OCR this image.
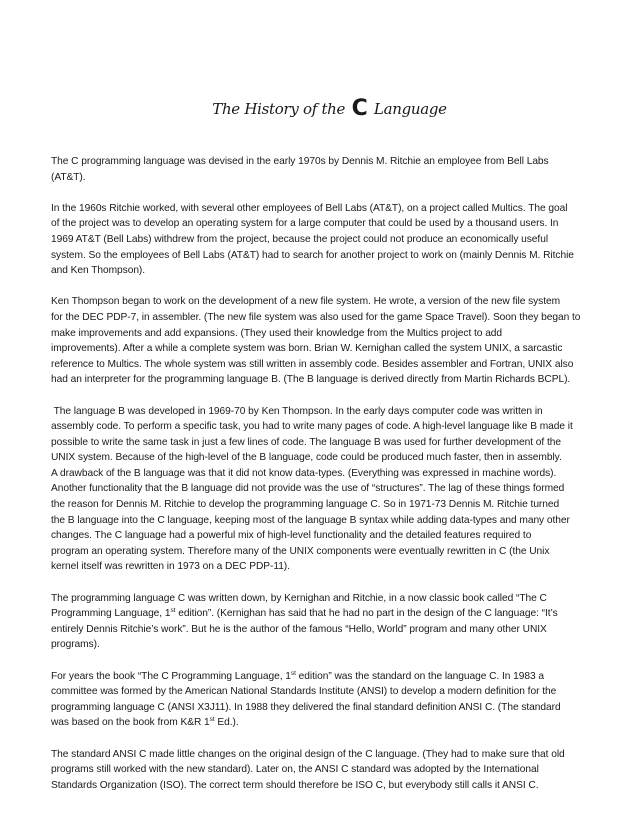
The History of the C Language
The C programming language was devised in the early 1970s by Dennis M. Ritchie an employee from Bell Labs
(AT&T).
In the 1960s Ritchie worked, with several other employees of Bell Labs (AT&T), on a project called Multics. The goal
of the project was to develop an operating system for a large computer that could be used by a thousand users. In
1969 AT&T (Bell Labs) withdrew from the project, because the project could not produce an economically useful
system. So the employees of Bell Labs (AT&T) had to search for another project to work on (mainly Dennis M. Ritchie
and Ken Thompson).
Ken Thompson began to work on the development of a new file system. He wrote, a version of the new file system
for the DEC PDP-7, in assembler. (The new file system was also used for the game Space Travel). Soon they began to
make improvements and add expansions. (They used their knowledge from the Multics project to add
improvements). After a while a complete system was born. Brian W. Kernighan called the system UNIX, a sarcastic
reference to Multics. The whole system was still written in assembly code. Besides assembler and Fortran, UNIX also
had an interpreter for the programming language B. (The B language is derived directly from Martin Richards BCPL).
The language B was developed in 1969-70 by Ken Thompson. In the early days computer code was written in
assembly code. To perform a specific task, you had to write many pages of code. A high-level language like B made it
possible to write the same task in just a few lines of code. The language B was used for further development of the
UNIX system. Because of the high-level of the B language, code could be produced much faster, then in assembly.
A drawback of the B language was that it did not know data-types. (Everything was expressed in machine words).
Another functionality that the B language did not provide was the use of “structures”. The lag of these things formed
the reason for Dennis M. Ritchie to develop the programming language C. So in 1971-73 Dennis M. Ritchie turned
the B language into the C language, keeping most of the language B syntax while adding data-types and many other
changes. The C language had a powerful mix of high-level functionality and the detailed features required to
program an operating system. Therefore many of the UNIX components were eventually rewritten in C (the Unix
kernel itself was rewritten in 1973 on a DEC PDP-11).
The programming language C was written down, by Kernighan and Ritchie, in a now classic book called “The C
Programming Language, 1st edition”. (Kernighan has said that he had no part in the design of the C language: “It’s
entirely Dennis Ritchie’s work”. But he is the author of the famous “Hello, World” program and many other UNIX
programs).
For years the book “The C Programming Language, 1st edition” was the standard on the language C. In 1983 a
committee was formed by the American National Standards Institute (ANSI) to develop a modern definition for the
programming language C (ANSI X3J11). In 1988 they delivered the final standard definition ANSI C. (The standard
was based on the book from K&R 1st Ed.).
The standard ANSI C made little changes on the original design of the C language. (They had to make sure that old
programs still worked with the new standard). Later on, the ANSI C standard was adopted by the International
Standards Organization (ISO). The correct term should therefore be ISO C, but everybody still calls it ANSI C.
